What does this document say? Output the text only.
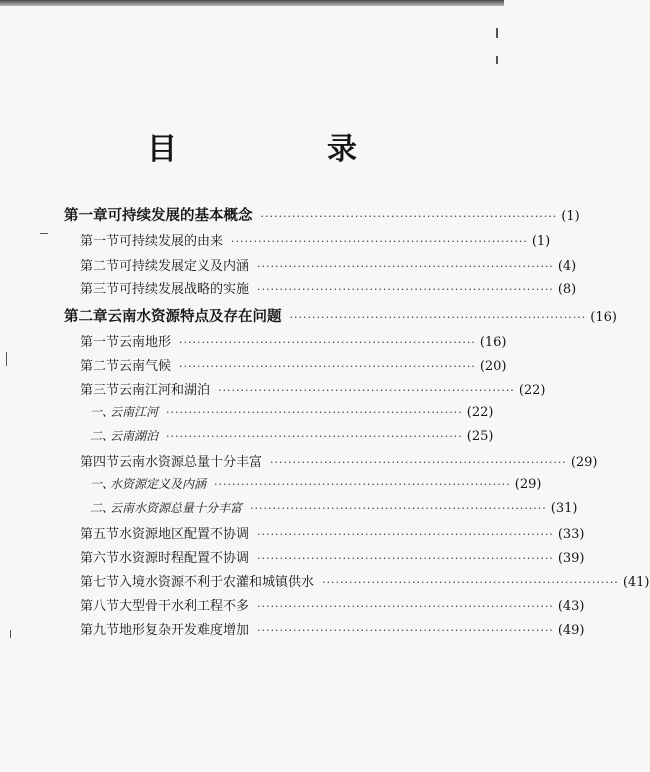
目　录
第一章 可持续发展的基本概念 ·································································· (1)
第一节 可持续发展的由来 ·································································· (1)
第二节 可持续发展定义及内涵 ·································································· (4)
第三节 可持续发展战略的实施 ·································································· (8)
第二章 云南水资源特点及存在问题 ·································································· (16)
第一节 云南地形 ·································································· (16)
第二节 云南气候 ·································································· (20)
第三节 云南江河和湖泊 ·································································· (22)
一、
云南江河 ·································································· (22)
二、
云南湖泊 ·································································· (25)
第四节 云南水资源总量十分丰富 ·································································· (29)
一、
水资源定义及内涵 ·································································· (29)
二、
云南水资源总量十分丰富 ·································································· (31)
第五节 水资源地区配置不协调 ·································································· (33)
第六节 水资源时程配置不协调 ·································································· (39)
第七节 入境水资源不利于农灌和城镇供水 ·································································· (41)
第八节 大型骨干水利工程不多 ·································································· (43)
第九节 地形复杂开发难度增加 ·································································· (49)
